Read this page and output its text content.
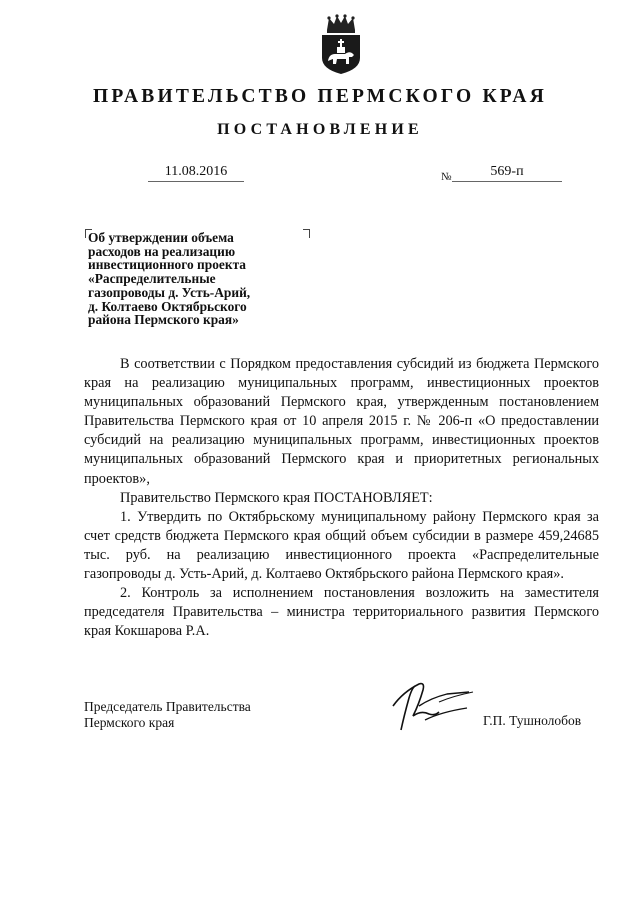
ПРАВИТЕЛЬСТВО ПЕРМСКОГО КРАЯ
ПОСТАНОВЛЕНИЕ
11.08.2016	№	569-п
Об утверждении объема
расходов на реализацию
инвестиционного проекта
«Распределительные
газопроводы д. Усть-Арий,
д. Колтаево Октябрьского
района Пермского края»

В соответствии с Порядком предоставления субсидий из бюджета Пермского края на реализацию муниципальных программ, инвестиционных проектов муниципальных образований Пермского края, утвержденным постановлением Правительства Пермского края от 10 апреля 2015 г. № 206-п «О предоставлении субсидий на реализацию муниципальных программ, инвестиционных проектов муниципальных образований Пермского края и приоритетных региональных проектов»,

Правительство Пермского края ПОСТАНОВЛЯЕТ:

1. Утвердить по Октябрьскому муниципальному району Пермского края за счет средств бюджета Пермского края общий объем субсидии в размере 459,24685 тыс. руб. на реализацию инвестиционного проекта «Распределительные газопроводы д. Усть-Арий, д. Колтаево Октябрьского района Пермского края».

2. Контроль за исполнением постановления возложить на заместителя председателя Правительства – министра территориального развития Пермского края Кокшарова Р.А.

Председатель Правительства
Пермского края	Г.П. Тушнолобов
